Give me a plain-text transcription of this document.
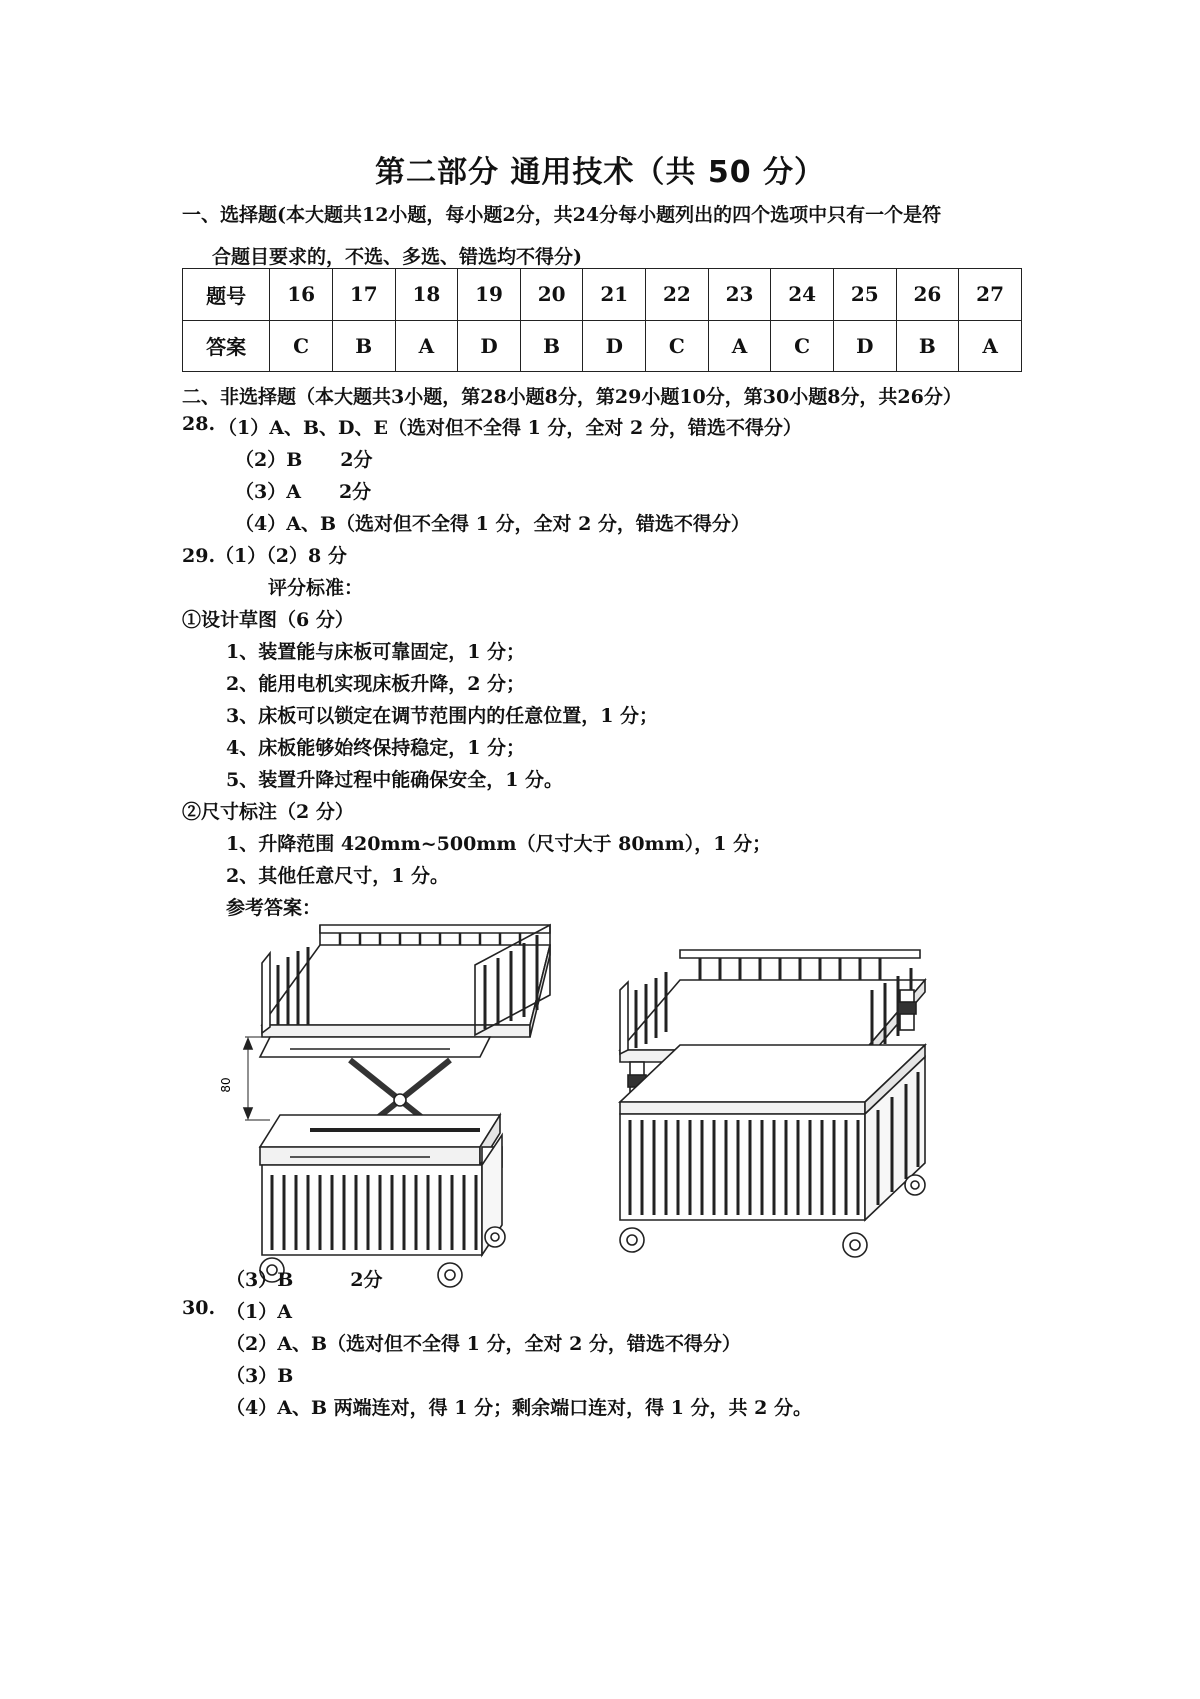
第二部分 通用技术（共 50 分）
一、选择题(本大题共12小题，每小题2分，共24分每小题列出的四个选项中只有一个是符
合题目要求的，不选、多选、错选均不得分)
题号	16	17	18	19	20	21	22	23	24	25	26	27
答案	C	B	A	D	B	D	C	A	C	D	B	A
二、非选择题（本大题共3小题，第28小题8分，第29小题10分，第30小题8分，共26分）
28. （1）A、B、D、E（选对但不全得 1 分，全对 2 分，错选不得分）
（2）B　　2分
（3）A　　2分
（4）A、B（选对但不全得 1 分，全对 2 分，错选不得分）
29.（1）（2）8 分
评分标准：
①设计草图（6 分）
1、装置能与床板可靠固定，1 分；
2、能用电机实现床板升降，2 分；
3、床板可以锁定在调节范围内的任意位置，1 分；
4、床板能够始终保持稳定，1 分；
5、装置升降过程中能确保安全，1 分。
②尺寸标注（2 分）
1、升降范围 420mm~500mm（尺寸大于 80mm），1 分；
2、其他任意尺寸，1 分。
参考答案：
80
（3）B　　　2分
30. （1）A
（2）A、B（选对但不全得 1 分，全对 2 分，错选不得分）
（3）B
（4）A、B 两端连对，得 1 分；剩余端口连对，得 1 分，共 2 分。
